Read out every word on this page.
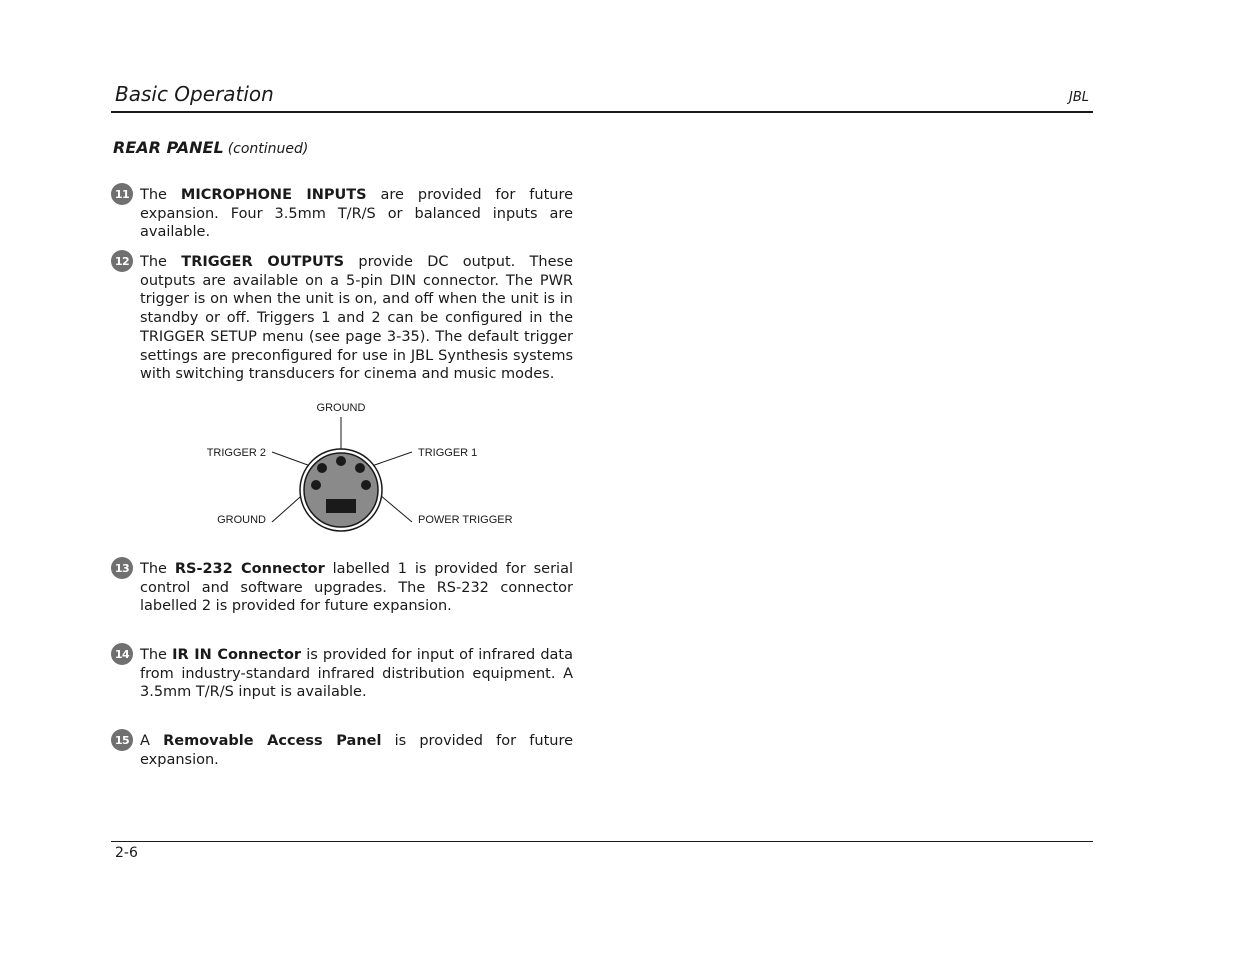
Basic Operation	JBL
REAR PANEL (continued)
11 The MICROPHONE INPUTS are provided for future expansion. Four 3.5mm T/R/S or balanced inputs are available.
12 The TRIGGER OUTPUTS provide DC output. These outputs are available on a 5-pin DIN connector. The PWR trigger is on when the unit is on, and off when the unit is in standby or off. Triggers 1 and 2 can be configured in the TRIGGER SETUP menu (see page 3-35). The default trigger settings are preconfigured for use in JBL Synthesis systems with switching transducers for cinema and music modes.
GROUND
TRIGGER 2	TRIGGER 1
GROUND	POWER TRIGGER
13 The RS-232 Connector labelled 1 is provided for serial control and software upgrades. The RS-232 connector labelled 2 is provided for future expansion.
14 The IR IN Connector is provided for input of infrared data from industry-standard infrared distribution equipment. A 3.5mm T/R/S input is available.
15 A Removable Access Panel is provided for future expansion.
2-6
